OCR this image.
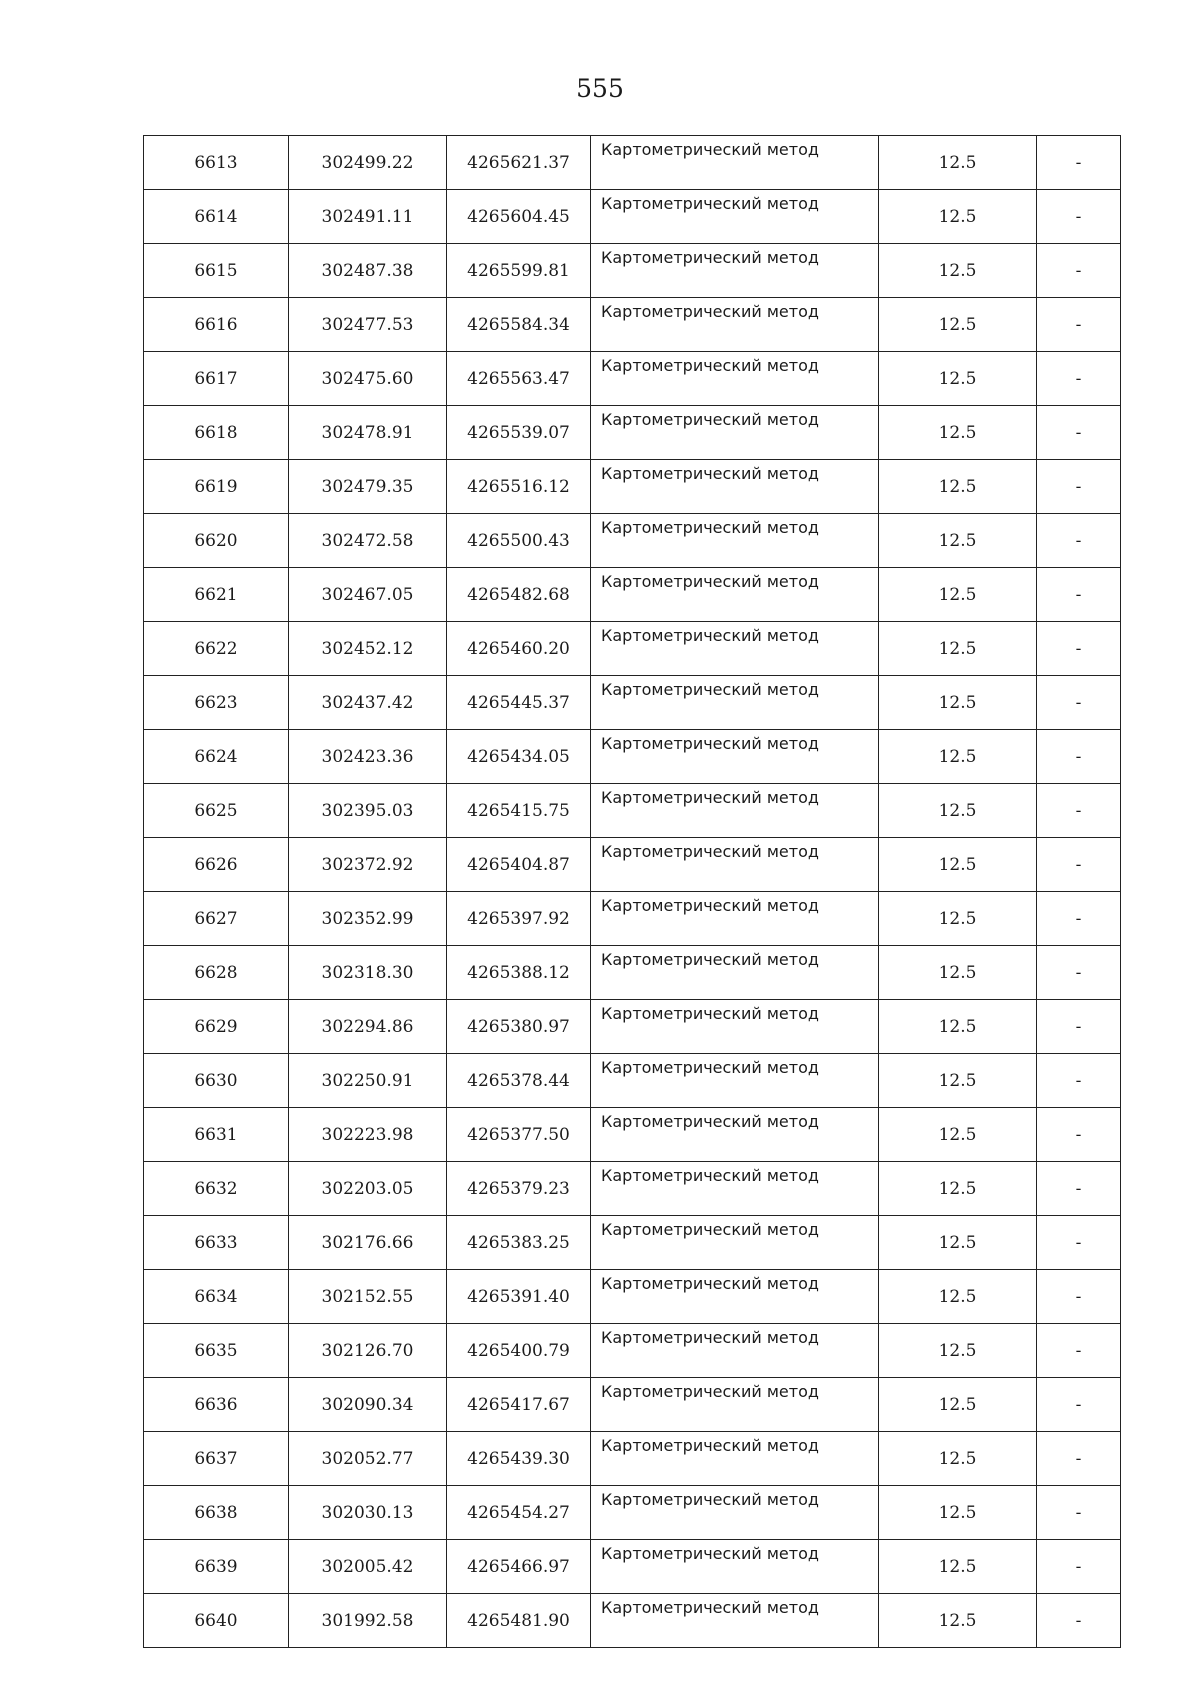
555
6613	302499.22	4265621.37	Картометрический метод	12.5	-
6614	302491.11	4265604.45	Картометрический метод	12.5	-
6615	302487.38	4265599.81	Картометрический метод	12.5	-
6616	302477.53	4265584.34	Картометрический метод	12.5	-
6617	302475.60	4265563.47	Картометрический метод	12.5	-
6618	302478.91	4265539.07	Картометрический метод	12.5	-
6619	302479.35	4265516.12	Картометрический метод	12.5	-
6620	302472.58	4265500.43	Картометрический метод	12.5	-
6621	302467.05	4265482.68	Картометрический метод	12.5	-
6622	302452.12	4265460.20	Картометрический метод	12.5	-
6623	302437.42	4265445.37	Картометрический метод	12.5	-
6624	302423.36	4265434.05	Картометрический метод	12.5	-
6625	302395.03	4265415.75	Картометрический метод	12.5	-
6626	302372.92	4265404.87	Картометрический метод	12.5	-
6627	302352.99	4265397.92	Картометрический метод	12.5	-
6628	302318.30	4265388.12	Картометрический метод	12.5	-
6629	302294.86	4265380.97	Картометрический метод	12.5	-
6630	302250.91	4265378.44	Картометрический метод	12.5	-
6631	302223.98	4265377.50	Картометрический метод	12.5	-
6632	302203.05	4265379.23	Картометрический метод	12.5	-
6633	302176.66	4265383.25	Картометрический метод	12.5	-
6634	302152.55	4265391.40	Картометрический метод	12.5	-
6635	302126.70	4265400.79	Картометрический метод	12.5	-
6636	302090.34	4265417.67	Картометрический метод	12.5	-
6637	302052.77	4265439.30	Картометрический метод	12.5	-
6638	302030.13	4265454.27	Картометрический метод	12.5	-
6639	302005.42	4265466.97	Картометрический метод	12.5	-
6640	301992.58	4265481.90	Картометрический метод	12.5	-
